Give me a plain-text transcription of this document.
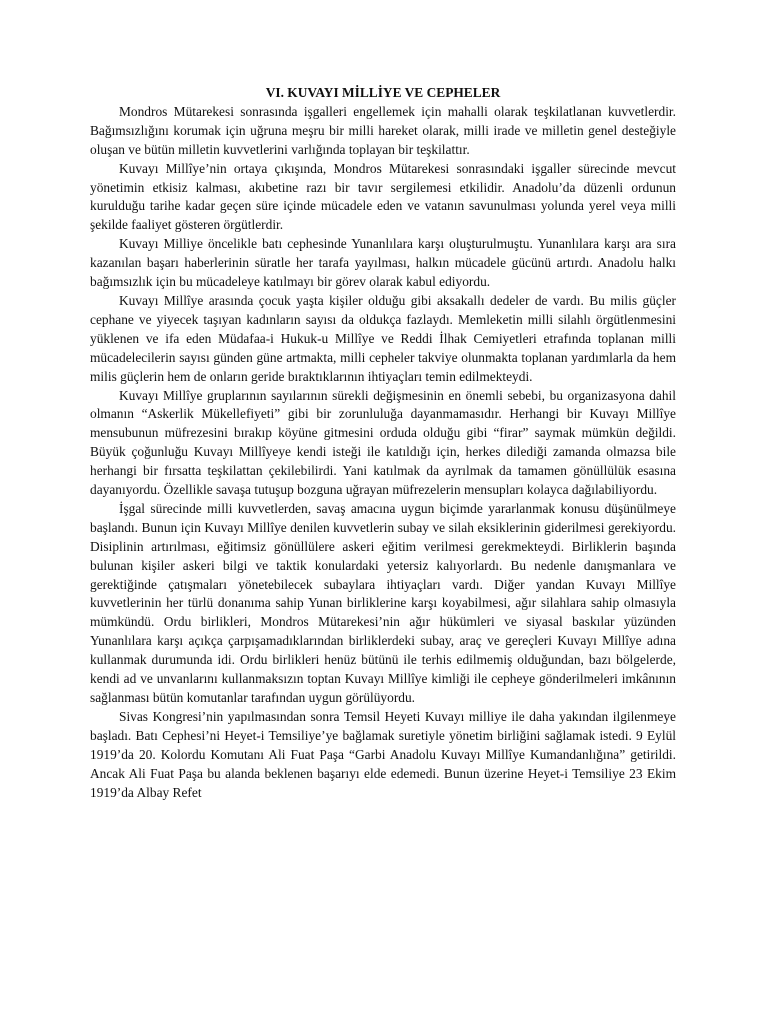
VI. KUVAYI MİLLİYE VE CEPHELER

Mondros Mütarekesi sonrasında işgalleri engellemek için mahalli olarak teşkilatlanan kuvvetlerdir. Bağımsızlığını korumak için uğruna meşru bir milli hareket olarak, milli irade ve milletin genel desteğiyle oluşan ve bütün milletin kuvvetlerini varlığında toplayan bir teşkilattır.

Kuvayı Millîye’nin ortaya çıkışında, Mondros Mütarekesi sonrasındaki işgaller sürecinde mevcut yönetimin etkisiz kalması, akıbetine razı bir tavır sergilemesi etkilidir. Anadolu’da düzenli ordunun kurulduğu tarihe kadar geçen süre içinde mücadele eden ve vatanın savunulması yolunda yerel veya milli şekilde faaliyet gösteren örgütlerdir.

Kuvayı Milliye öncelikle batı cephesinde Yunanlılara karşı oluşturulmuştu. Yunanlılara karşı ara sıra kazanılan başarı haberlerinin süratle her tarafa yayılması, halkın mücadele gücünü artırdı. Anadolu halkı bağımsızlık için bu mücadeleye katılmayı bir görev olarak kabul ediyordu.

Kuvayı Millîye arasında çocuk yaşta kişiler olduğu gibi aksakallı dedeler de vardı. Bu milis güçler cephane ve yiyecek taşıyan kadınların sayısı da oldukça fazlaydı. Memleketin milli silahlı örgütlenmesini yüklenen ve ifa eden Müdafaa-i Hukuk-u Millîye ve Reddi İlhak Cemiyetleri etrafında toplanan milli mücadelecilerin sayısı günden güne artmakta, milli cepheler takviye olunmakta toplanan yardımlarla da hem milis güçlerin hem de onların geride bıraktıklarının ihtiyaçları temin edilmekteydi.

Kuvayı Millîye gruplarının sayılarının sürekli değişmesinin en önemli sebebi, bu organizasyona dahil olmanın “Askerlik Mükellefiyeti” gibi bir zorunluluğa dayanmamasıdır. Herhangi bir Kuvayı Millîye mensubunun müfrezesini bırakıp köyüne gitmesini orduda olduğu gibi “firar” saymak mümkün değildi. Büyük çoğunluğu Kuvayı Millîyeye kendi isteği ile katıldığı için, herkes dilediği zamanda olmazsa bile herhangi bir fırsatta teşkilattan çekilebilirdi. Yani katılmak da ayrılmak da tamamen gönüllülük esasına dayanıyordu. Özellikle savaşa tutuşup bozguna uğrayan müfrezelerin mensupları kolayca dağılabiliyordu.

İşgal sürecinde milli kuvvetlerden, savaş amacına uygun biçimde yararlanmak konusu düşünülmeye başlandı. Bunun için Kuvayı Millîye denilen kuvvetlerin subay ve silah eksiklerinin giderilmesi gerekiyordu. Disiplinin artırılması, eğitimsiz gönüllülere askeri eğitim verilmesi gerekmekteydi. Birliklerin başında bulunan kişiler askeri bilgi ve taktik konulardaki yetersiz kalıyorlardı. Bu nedenle danışmanlara ve gerektiğinde çatışmaları yönetebilecek subaylara ihtiyaçları vardı. Diğer yandan Kuvayı Millîye kuvvetlerinin her türlü donanıma sahip Yunan birliklerine karşı koyabilmesi, ağır silahlara sahip olmasıyla mümkündü. Ordu birlikleri, Mondros Mütarekesi’nin ağır hükümleri ve siyasal baskılar yüzünden Yunanlılara karşı açıkça çarpışamadıklarından birliklerdeki subay, araç ve gereçleri Kuvayı Millîye adına kullanmak durumunda idi. Ordu birlikleri henüz bütünü ile terhis edilmemiş olduğundan, bazı bölgelerde, kendi ad ve unvanlarını kullanmaksızın toptan Kuvayı Millîye kimliği ile cepheye gönderilmeleri imkânının sağlanması bütün komutanlar tarafından uygun görülüyordu.

Sivas Kongresi’nin yapılmasından sonra Temsil Heyeti Kuvayı milliye ile daha yakından ilgilenmeye başladı. Batı Cephesi’ni Heyet-i Temsiliye’ye bağlamak suretiyle yönetim birliğini sağlamak istedi. 9 Eylül 1919’da 20. Kolordu Komutanı Ali Fuat Paşa “Garbi Anadolu Kuvayı Millîye Kumandanlığına” getirildi. Ancak Ali Fuat Paşa bu alanda beklenen başarıyı elde edemedi. Bunun üzerine Heyet-i Temsiliye 23 Ekim 1919’da Albay Refet
